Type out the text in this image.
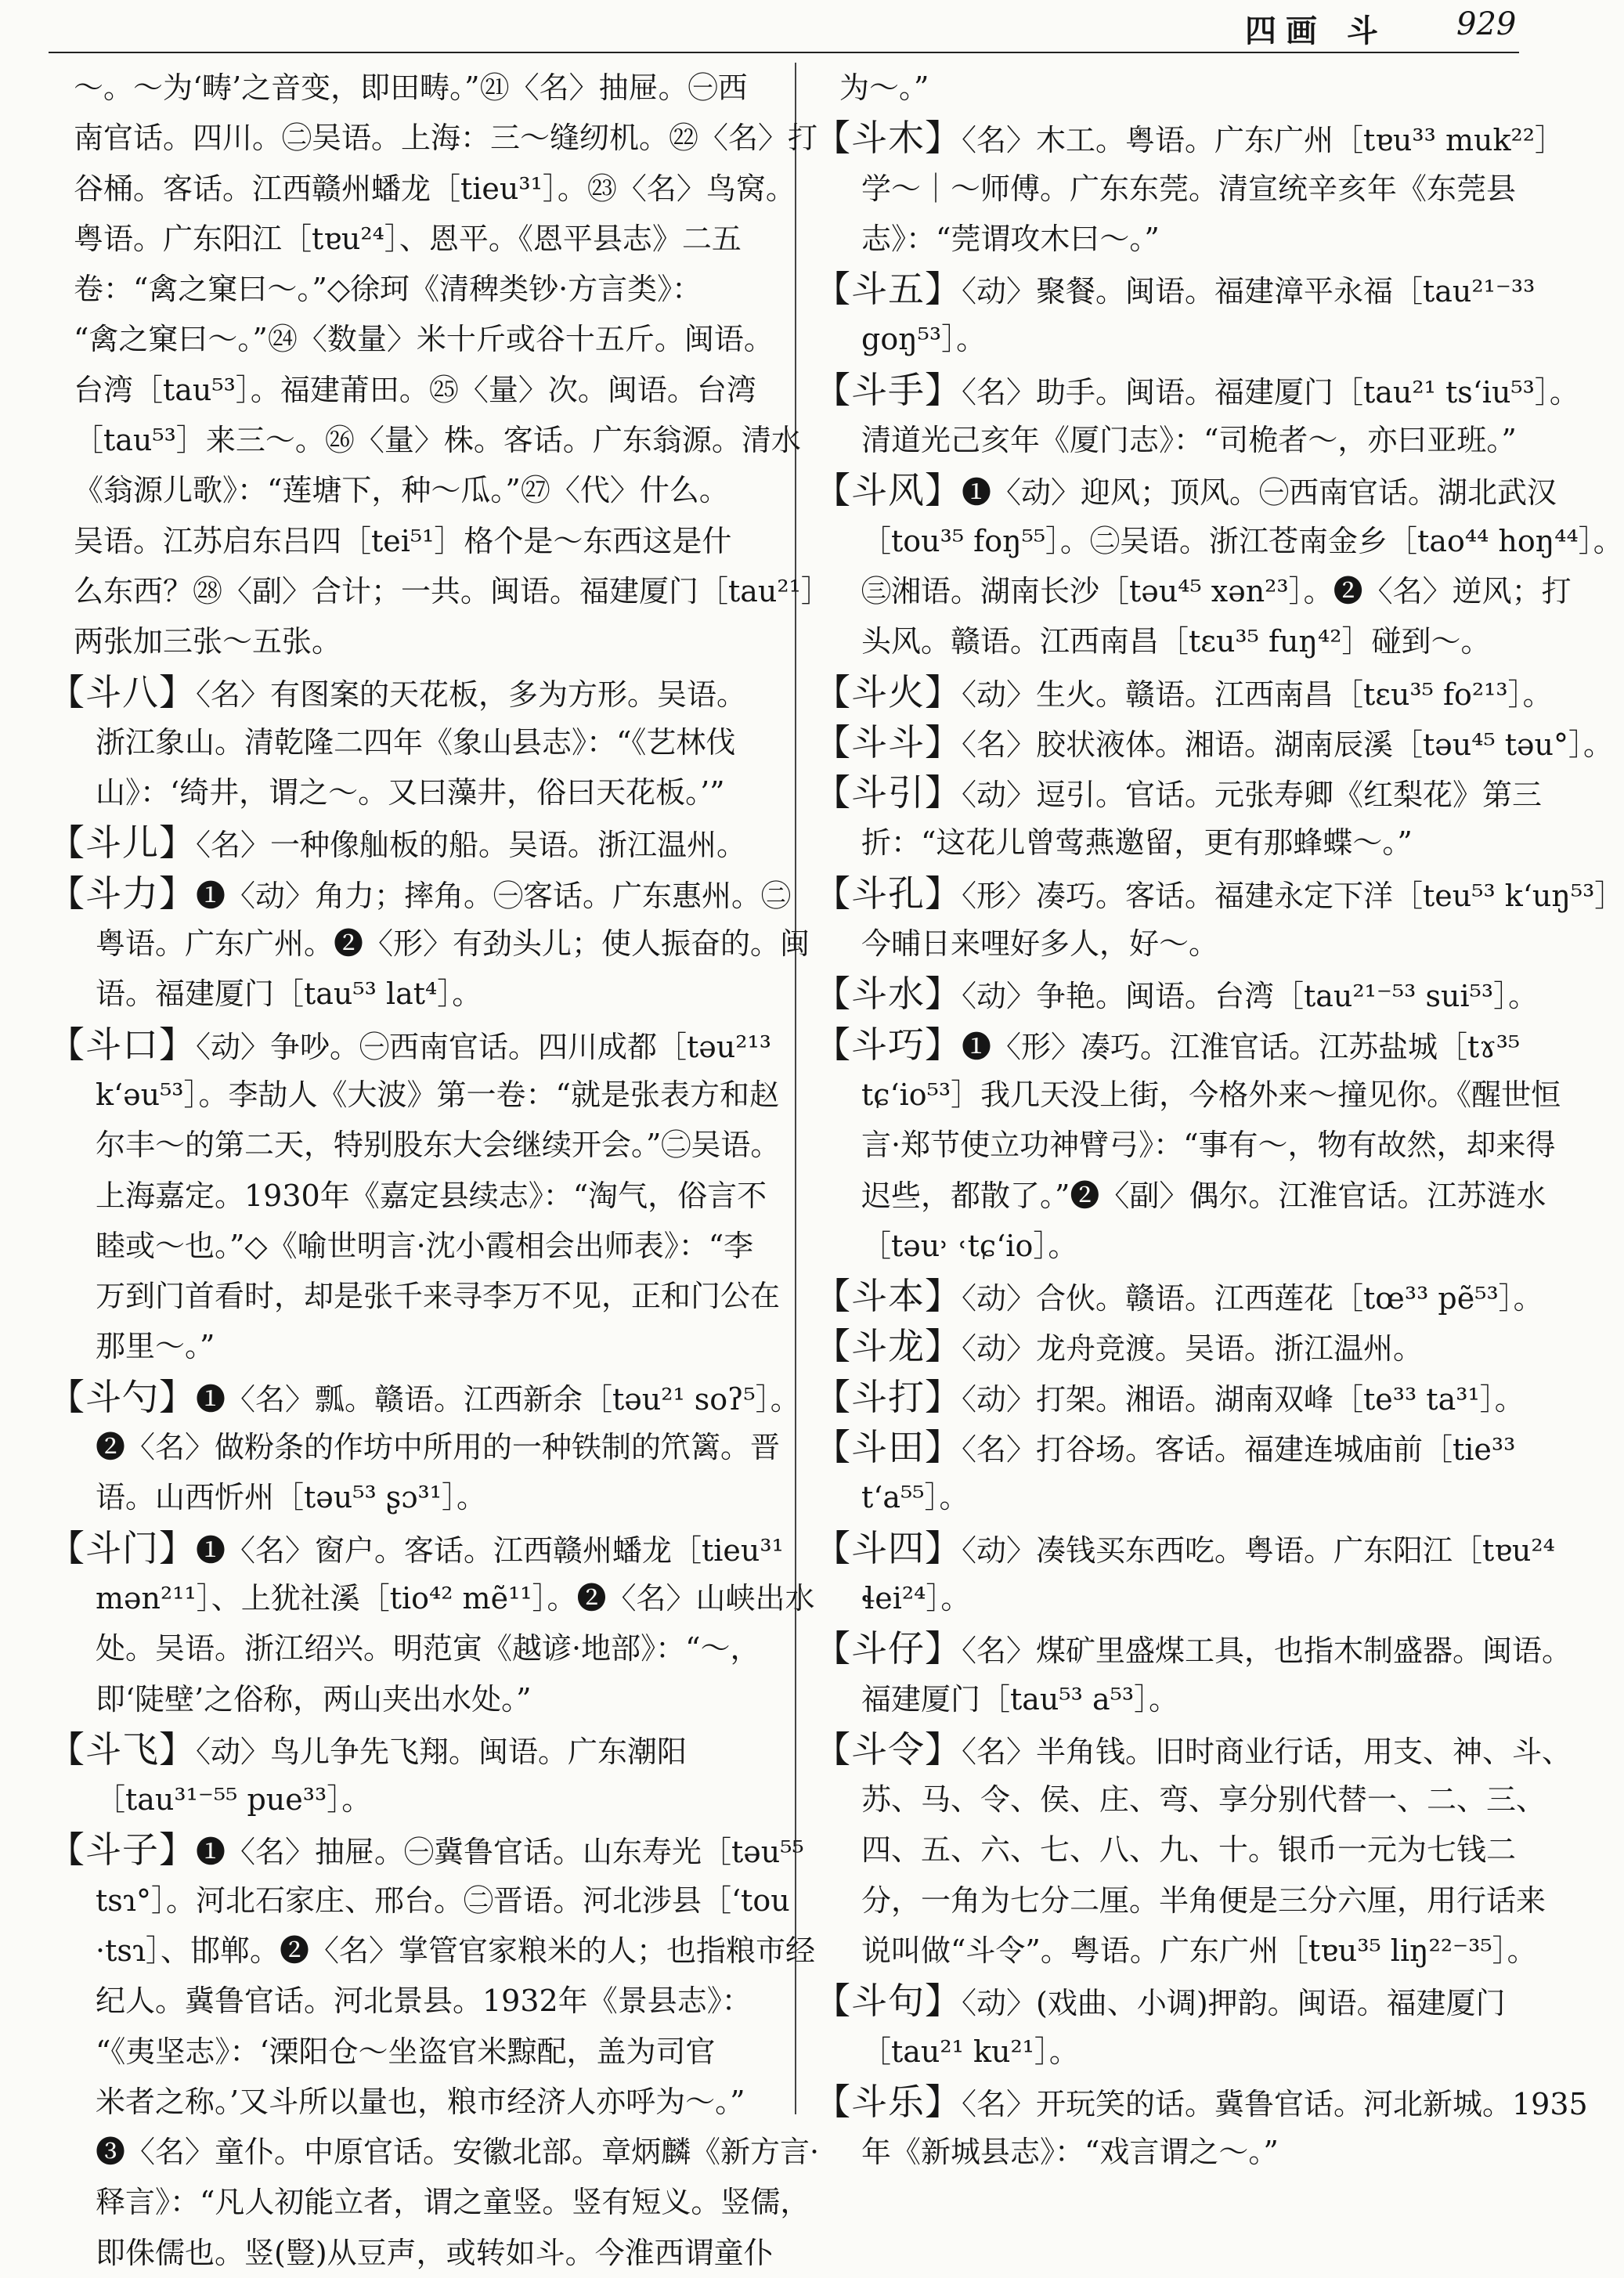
四画 斗 929
～。～为‘畴’之音变，即田畴。”㉑〈名〉抽屉。㊀西
南官话。四川。㊁吴语。上海：三～缝纫机。㉒〈名〉打
谷桶。客话。江西赣州蟠龙［tieu³¹］。㉓〈名〉鸟窝。
粤语。广东阳江［tɐu²⁴］、恩平。《恩平县志》二五
卷：“禽之窠曰～。”◇徐珂《清稗类钞·方言类》：
“禽之窠曰～。”㉔〈数量〉米十斤或谷十五斤。闽语。
台湾［tau⁵³］。福建莆田。㉕〈量〉次。闽语。台湾
［tau⁵³］来三～。㉖〈量〉株。客话。广东翁源。清水
《翁源儿歌》：“莲塘下，种～瓜。”㉗〈代〉什么。
吴语。江苏启东吕四［tei⁵¹］格个是～东西这是什
么东西？㉘〈副〉合计；一共。闽语。福建厦门［tau²¹］
两张加三张～五张。
【斗八】〈名〉有图案的天花板，多为方形。吴语。
浙江象山。清乾隆二四年《象山县志》：“《艺林伐
山》：‘绮井，谓之～。又曰藻井，俗曰天花板。’”
【斗儿】〈名〉一种像舢板的船。吴语。浙江温州。
【斗力】❶〈动〉角力；摔角。㊀客话。广东惠州。㊁
粤语。广东广州。❷〈形〉有劲头儿；使人振奋的。闽
语。福建厦门［tau⁵³ lat⁴］。
【斗口】〈动〉争吵。㊀西南官话。四川成都［təu²¹³
k‘əu⁵³］。李劼人《大波》第一卷：“就是张表方和赵
尔丰～的第二天，特别股东大会继续开会。”㊁吴语。
上海嘉定。1930年《嘉定县续志》：“淘气，俗言不
睦或～也。”◇《喻世明言·沈小霞相会出师表》：“李
万到门首看时，却是张千来寻李万不见，正和门公在
那里～。”
【斗勺】❶〈名〉瓢。赣语。江西新余［təu²¹ soʔ⁵］。
❷〈名〉做粉条的作坊中所用的一种铁制的笊篱。晋
语。山西忻州［təu⁵³ ʂɔ³¹］。
【斗门】❶〈名〉窗户。客话。江西赣州蟠龙［tieu³¹
mən²¹¹］、上犹社溪［tio⁴² mẽ¹¹］。❷〈名〉山峡出水
处。吴语。浙江绍兴。明范寅《越谚·地部》：“～，
即‘陡壁’之俗称，两山夹出水处。”
【斗飞】〈动〉鸟儿争先飞翔。闽语。广东潮阳
［tau³¹⁻⁵⁵ pue³³］。
【斗子】❶〈名〉抽屉。㊀冀鲁官话。山东寿光［təu⁵⁵
tsɿ°］。河北石家庄、邢台。㊁晋语。河北涉县［‘tou
·tsɿ］、邯郸。❷〈名〉掌管官家粮米的人；也指粮市经
纪人。冀鲁官话。河北景县。1932年《景县志》：
“《夷坚志》：‘溧阳仓～坐盗官米黥配，盖为司官
米者之称。’又斗所以量也，粮市经济人亦呼为～。”
❸〈名〉童仆。中原官话。安徽北部。章炳麟《新方言·
释言》：“凡人初能立者，谓之童竖。竖有短义。竖儒，
即侏儒也。竖(豎)从豆声，或转如斗。今淮西谓童仆
为～。”
【斗木】〈名〉木工。粤语。广东广州［tɐu³³ muk²²］
学～｜～师傅。广东东莞。清宣统辛亥年《东莞县
志》：“莞谓攻木曰～。”
【斗五】〈动〉聚餐。闽语。福建漳平永福［tau²¹⁻³³
goŋ⁵³］。
【斗手】〈名〉助手。闽语。福建厦门［tau²¹ ts‘iu⁵³］。
清道光己亥年《厦门志》：“司桅者～，亦曰亚班。”
【斗风】❶〈动〉迎风；顶风。㊀西南官话。湖北武汉
［tou³⁵ foŋ⁵⁵］。㊁吴语。浙江苍南金乡［tao⁴⁴ hoŋ⁴⁴］。
㊂湘语。湖南长沙［təu⁴⁵ xən²³］。❷〈名〉逆风；打
头风。赣语。江西南昌［tɛu³⁵ fuŋ⁴²］碰到～。
【斗火】〈动〉生火。赣语。江西南昌［tɛu³⁵ fo²¹³］。
【斗斗】〈名〉胶状液体。湘语。湖南辰溪［təu⁴⁵ təu°］。
【斗引】〈动〉逗引。官话。元张寿卿《红梨花》第三
折：“这花儿曾莺燕邀留，更有那蜂蝶～。”
【斗孔】〈形〉凑巧。客话。福建永定下洋［teu⁵³ k‘uŋ⁵³］
今晡日来哩好多人，好～。
【斗水】〈动〉争艳。闽语。台湾［tau²¹⁻⁵³ sui⁵³］。
【斗巧】❶〈形〉凑巧。江淮官话。江苏盐城［tɤ³⁵
tɕ‘io⁵³］我几天没上街，今格外来～撞见你。《醒世恒
言·郑节使立功神臂弓》：“事有～，物有故然，却来得
迟些，都散了。”❷〈副〉偶尔。江淮官话。江苏涟水
［təu˒ ˓tɕ‘io］。
【斗本】〈动〉合伙。赣语。江西莲花［tœ³³ pẽ⁵³］。
【斗龙】〈动〉龙舟竞渡。吴语。浙江温州。
【斗打】〈动〉打架。湘语。湖南双峰［te³³ ta³¹］。
【斗田】〈名〉打谷场。客话。福建连城庙前［tie³³
t‘a⁵⁵］。
【斗四】〈动〉凑钱买东西吃。粤语。广东阳江［tɐu²⁴
ɬei²⁴］。
【斗仔】〈名〉煤矿里盛煤工具，也指木制盛器。闽语。
福建厦门［tau⁵³ a⁵³］。
【斗令】〈名〉半角钱。旧时商业行话，用支、神、斗、
苏、马、令、侯、庄、弯、享分别代替一、二、三、
四、五、六、七、八、九、十。银币一元为七钱二
分，一角为七分二厘。半角便是三分六厘，用行话来
说叫做“斗令”。粤语。广东广州［tɐu³⁵ liŋ²²⁻³⁵］。
【斗句】〈动〉(戏曲、小调)押韵。闽语。福建厦门
［tau²¹ ku²¹］。
【斗乐】〈名〉开玩笑的话。冀鲁官话。河北新城。1935
年《新城县志》：“戏言谓之～。”
